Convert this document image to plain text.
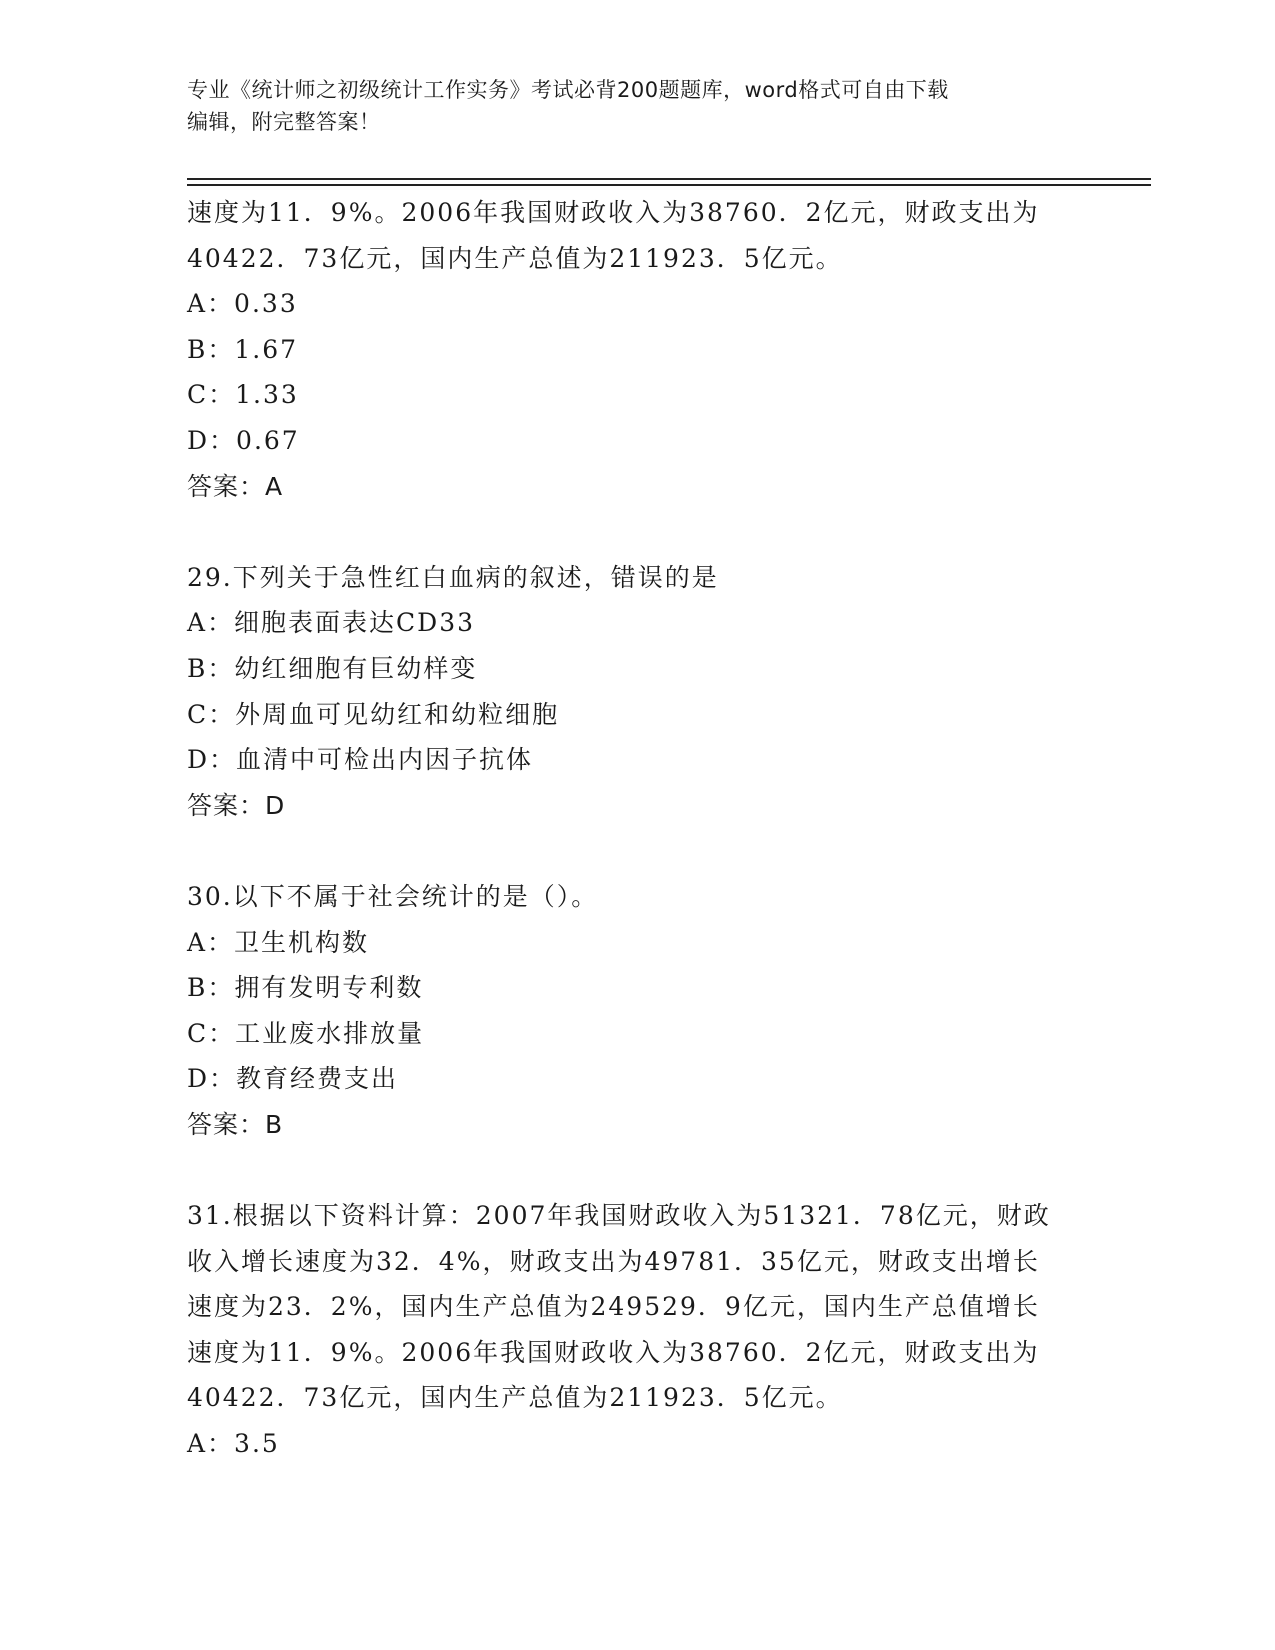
专业《统计师之初级统计工作实务》考试必背200题题库，word格式可自由下载
编辑，附完整答案！
速度为11．9%。2006年我国财政收入为38760．2亿元，财政支出为
40422．73亿元，国内生产总值为211923．5亿元。
A：0.33
B：1.67
C：1.33
D：0.67
答案：A
29.下列关于急性红白血病的叙述，错误的是
A：细胞表面表达CD33
B：幼红细胞有巨幼样变
C：外周血可见幼红和幼粒细胞
D：血清中可检出内因子抗体
答案：D
30.以下不属于社会统计的是（）。
A：卫生机构数
B：拥有发明专利数
C：工业废水排放量
D：教育经费支出
答案：B
31.根据以下资料计算：2007年我国财政收入为51321．78亿元，财政
收入增长速度为32．4%，财政支出为49781．35亿元，财政支出增长
速度为23．2%，国内生产总值为249529．9亿元，国内生产总值增长
速度为11．9%。2006年我国财政收入为38760．2亿元，财政支出为
40422．73亿元，国内生产总值为211923．5亿元。
A：3.5
